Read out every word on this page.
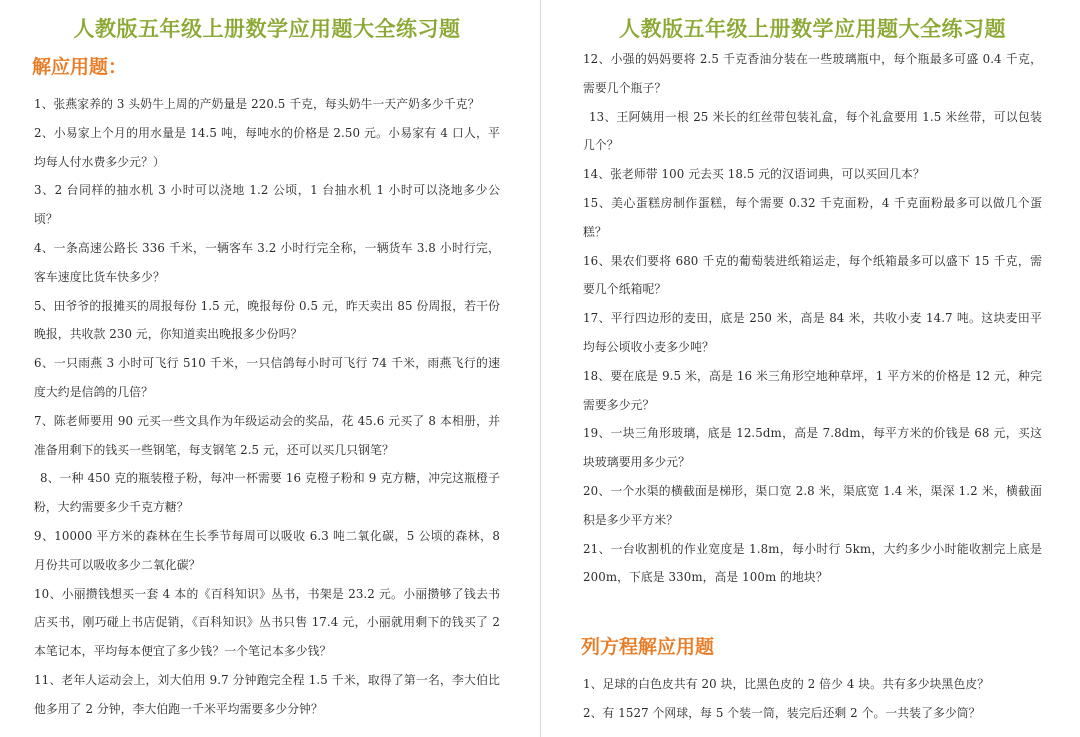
人教版五年级上册数学应用题大全练习题
解应用题：
1、张燕家养的 3 头奶牛上周的产奶量是 220.5 千克，每头奶牛一天产奶多少千克？
2、小易家上个月的用水量是 14.5 吨，每吨水的价格是 2.50 元。小易家有 4 口人，平均每人付水费多少元？）
3、2 台同样的抽水机 3 小时可以浇地 1.2 公顷，1 台抽水机 1 小时可以浇地多少公顷？
4、一条高速公路长 336 千米，一辆客车 3.2 小时行完全称，一辆货车 3.8 小时行完，客车速度比货车快多少？
5、田爷爷的报摊买的周报每份 1.5 元，晚报每份 0.5 元，昨天卖出 85 份周报，若干份晚报，共收款 230 元，你知道卖出晚报多少份吗？
6、一只雨燕 3 小时可飞行 510 千米，一只信鸽每小时可飞行 74 千米，雨燕飞行的速度大约是信鸽的几倍？
7、陈老师要用 90 元买一些文具作为年级运动会的奖品，花 45.6 元买了 8 本相册，并准备用剩下的钱买一些钢笔，每支钢笔 2.5 元，还可以买几只钢笔？
8、一种 450 克的瓶装橙子粉，每冲一杯需要 16 克橙子粉和 9 克方糖，冲完这瓶橙子粉，大约需要多少千克方糖？
9、10000 平方米的森林在生长季节每周可以吸收 6.3 吨二氧化碳，5 公顷的森林，8 月份共可以吸收多少二氧化碳？
10、小丽攒钱想买一套 4 本的《百科知识》丛书，书架是 23.2 元。小丽攒够了钱去书店买书，刚巧碰上书店促销，《百科知识》丛书只售 17.4 元，小丽就用剩下的钱买了 2 本笔记本，平均每本便宜了多少钱？一个笔记本多少钱？
11、老年人运动会上，刘大伯用 9.7 分钟跑完全程 1.5 千米，取得了第一名，李大伯比他多用了 2 分钟，李大伯跑一千米平均需要多少分钟？
人教版五年级上册数学应用题大全练习题
12、小强的妈妈要将 2.5 千克香油分装在一些玻璃瓶中，每个瓶最多可盛 0.4 千克，需要几个瓶子？
13、王阿姨用一根 25 米长的红丝带包装礼盒，每个礼盒要用 1.5 米丝带，可以包装几个？
14、张老师带 100 元去买 18.5 元的汉语词典，可以买回几本？
15、美心蛋糕房制作蛋糕，每个需要 0.32 千克面粉，4 千克面粉最多可以做几个蛋糕？
16、果农们要将 680 千克的葡萄装进纸箱运走，每个纸箱最多可以盛下 15 千克，需要几个纸箱呢？
17、平行四边形的麦田，底是 250 米，高是 84 米，共收小麦 14.7 吨。这块麦田平均每公顷收小麦多少吨？
18、要在底是 9.5 米，高是 16 米三角形空地种草坪，1 平方米的价格是 12 元，种完需要多少元？
19、一块三角形玻璃，底是 12.5dm，高是 7.8dm，每平方米的价钱是 68 元，买这块玻璃要用多少元？
20、一个水渠的横截面是梯形，渠口宽 2.8 米，渠底宽 1.4 米，渠深 1.2 米，横截面积是多少平方米？
21、一台收割机的作业宽度是 1.8m，每小时行 5km，大约多少小时能收割完上底是 200m，下底是 330m，高是 100m 的地块？
列方程解应用题
1、足球的白色皮共有 20 块，比黑色皮的 2 倍少 4 块。共有多少块黑色皮？
2、有 1527 个网球，每 5 个装一筒，装完后还剩 2 个。一共装了多少筒？
